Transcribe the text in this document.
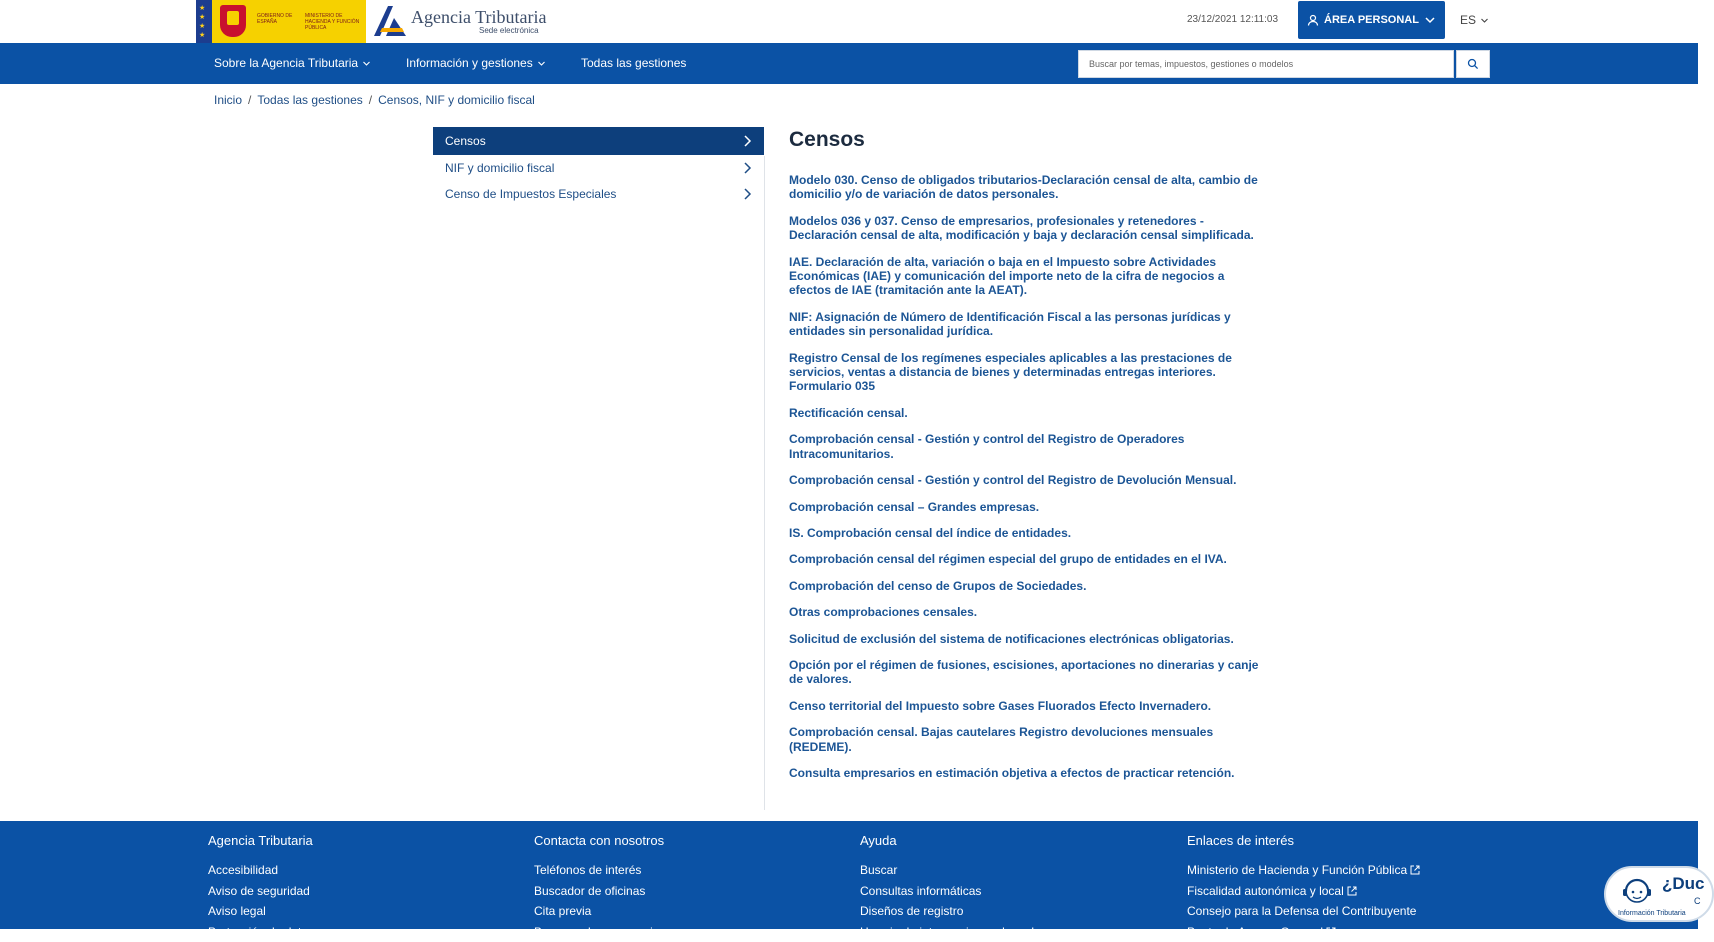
★
★
★
★
GOBIERNO DE ESPAÑA
MINISTERIO DE HACIENDA Y FUNCIÓN PÚBLICA
Agencia Tributaria
Sede electrónica
23/12/2021 12:11:03	ÁREA PERSONAL	ES
Sobre la Agencia Tributaria	Información y gestiones	Todas las gestiones
Buscar por temas, impuestos, gestiones o modelos
Inicio / Todas las gestiones / Censos, NIF y domicilio fiscal
Censos
NIF y domicilio fiscal
Censo de Impuestos Especiales
Censos
Modelo 030. Censo de obligados tributarios-Declaración censal de alta, cambio de domicilio y/o de variación de datos personales.
Modelos 036 y 037. Censo de empresarios, profesionales y retenedores - Declaración censal de alta, modificación y baja y declaración censal simplificada.
IAE. Declaración de alta, variación o baja en el Impuesto sobre Actividades Económicas (IAE) y comunicación del importe neto de la cifra de negocios a efectos de IAE (tramitación ante la AEAT).
NIF: Asignación de Número de Identificación Fiscal a las personas jurídicas y entidades sin personalidad jurídica.
Registro Censal de los regímenes especiales aplicables a las prestaciones de servicios, ventas a distancia de bienes y determinadas entregas interiores. Formulario 035
Rectificación censal.
Comprobación censal - Gestión y control del Registro de Operadores Intracomunitarios.
Comprobación censal - Gestión y control del Registro de Devolución Mensual.
Comprobación censal – Grandes empresas.
IS. Comprobación censal del índice de entidades.
Comprobación censal del régimen especial del grupo de entidades en el IVA.
Comprobación del censo de Grupos de Sociedades.
Otras comprobaciones censales.
Solicitud de exclusión del sistema de notificaciones electrónicas obligatorias.
Opción por el régimen de fusiones, escisiones, aportaciones no dinerarias y canje de valores.
Censo territorial del Impuesto sobre Gases Fluorados Efecto Invernadero.
Comprobación censal. Bajas cautelares Registro devoluciones mensuales (REDEME).
Consulta empresarios en estimación objetiva a efectos de practicar retención.
Agencia Tributaria
Accesibilidad
Aviso de seguridad
Aviso legal
Protección de datos
Contacta con nosotros
Teléfonos de interés
Buscador de oficinas
Cita previa
Buzones de sugerencias
Ayuda
Buscar
Consultas informáticas
Diseños de registro
Horario de interrupciones de sede
Enlaces de interés
Ministerio de Hacienda y Función Pública
Fiscalidad autonómica y local
Consejo para la Defensa del Contribuyente
Punto de Acceso General
¿Duc
C
Información Tributaria
